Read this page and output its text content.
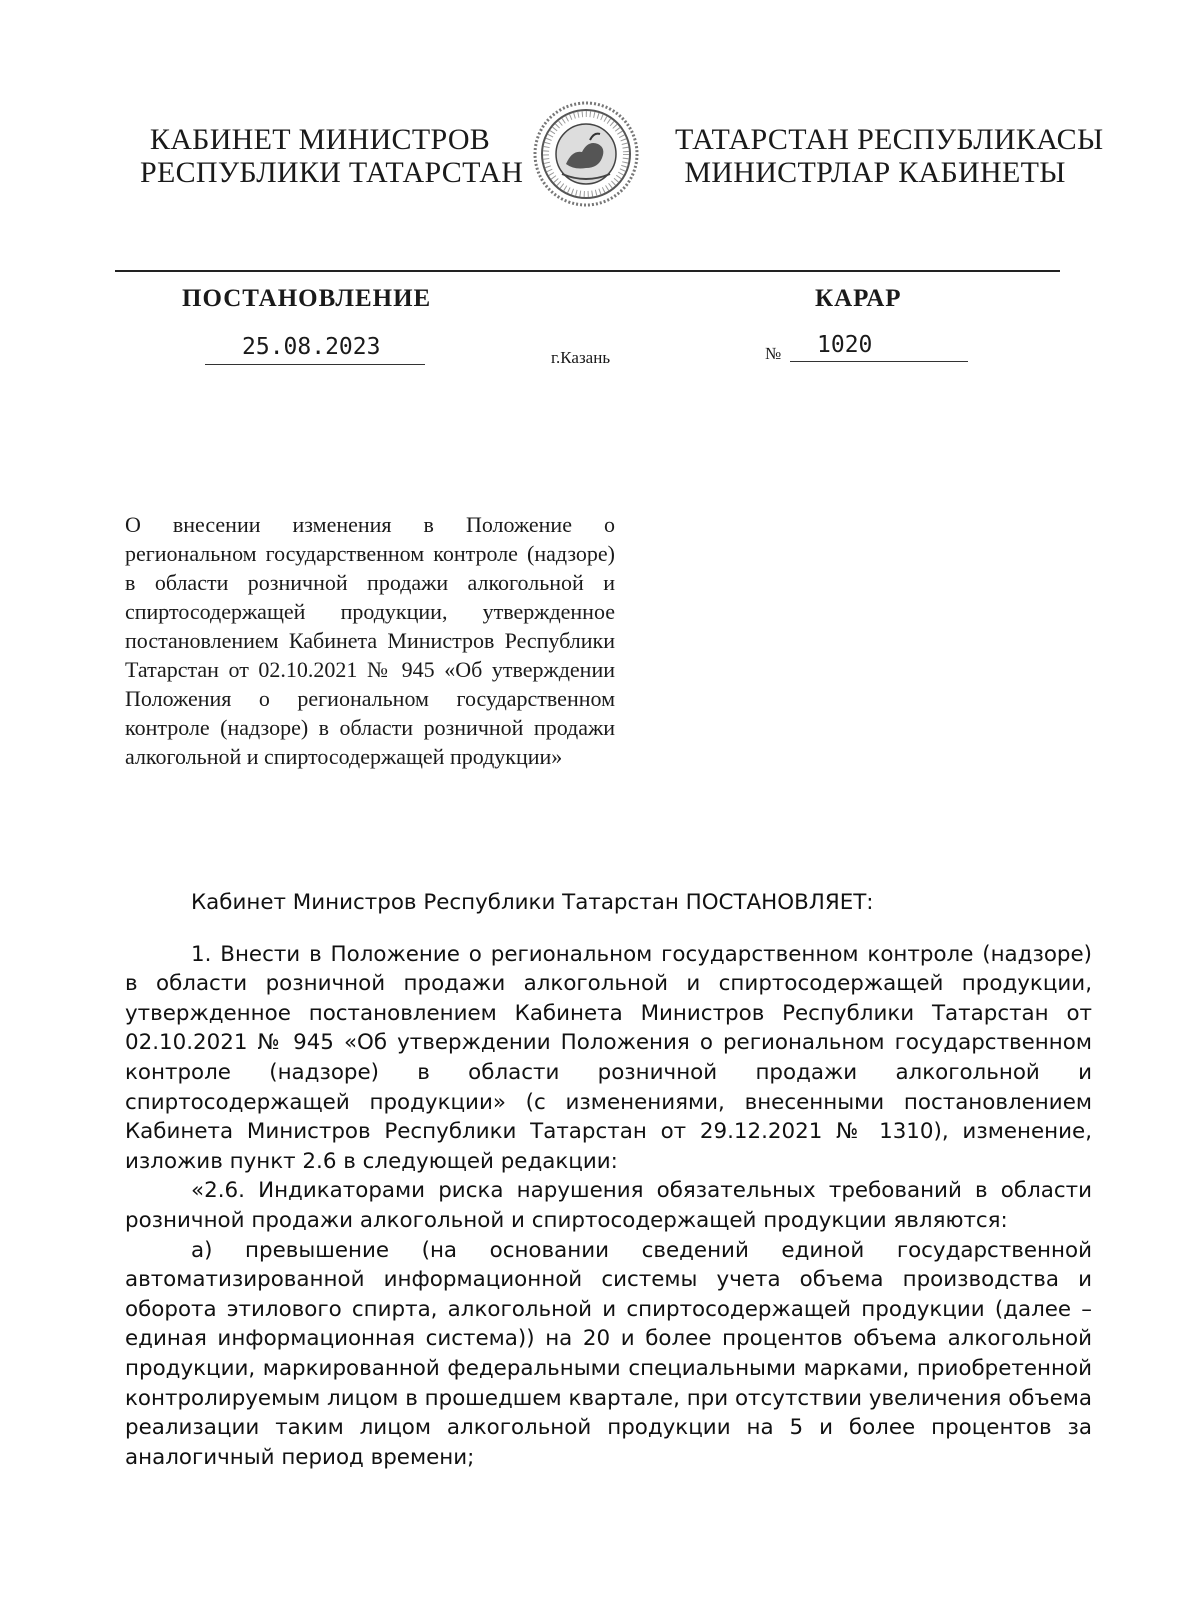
КАБИНЕТ МИНИСТРОВ
РЕСПУБЛИКИ ТАТАРСТАН
ТАТАРСТАН РЕСПУБЛИКАСЫ
МИНИСТРЛАР КАБИНЕТЫ
ПОСТАНОВЛЕНИЕ	КАРАР
25.08.2023	г.Казань	№ 1020

О внесении изменения в Положение о региональном государственном контроле (надзоре) в области розничной продажи алкогольной и спиртосодержащей продукции, утвержденное постановлением Кабинета Министров Республики Татарстан от 02.10.2021 № 945 «Об утверждении Положения о региональном государственном контроле (надзоре) в области розничной продажи алкогольной и спиртосодержащей продукции»

Кабинет Министров Республики Татарстан ПОСТАНОВЛЯЕТ:

1. Внести в Положение о региональном государственном контроле (надзоре) в области розничной продажи алкогольной и спиртосодержащей продукции, утвержденное постановлением Кабинета Министров Республики Татарстан от 02.10.2021 № 945 «Об утверждении Положения о региональном государственном контроле (надзоре) в области розничной продажи алкогольной и спиртосодержащей продукции» (с изменениями, внесенными постановлением Кабинета Министров Республики Татарстан от 29.12.2021 № 1310), изменение, изложив пункт 2.6 в следующей редакции:

«2.6. Индикаторами риска нарушения обязательных требований в области розничной продажи алкогольной и спиртосодержащей продукции являются:

а) превышение (на основании сведений единой государственной автоматизированной информационной системы учета объема производства и оборота этилового спирта, алкогольной и спиртосодержащей продукции (далее – единая информационная система)) на 20 и более процентов объема алкогольной продукции, маркированной федеральными специальными марками, приобретенной контролируемым лицом в прошедшем квартале, при отсутствии увеличения объема реализации таким лицом алкогольной продукции на 5 и более процентов за аналогичный период времени;
